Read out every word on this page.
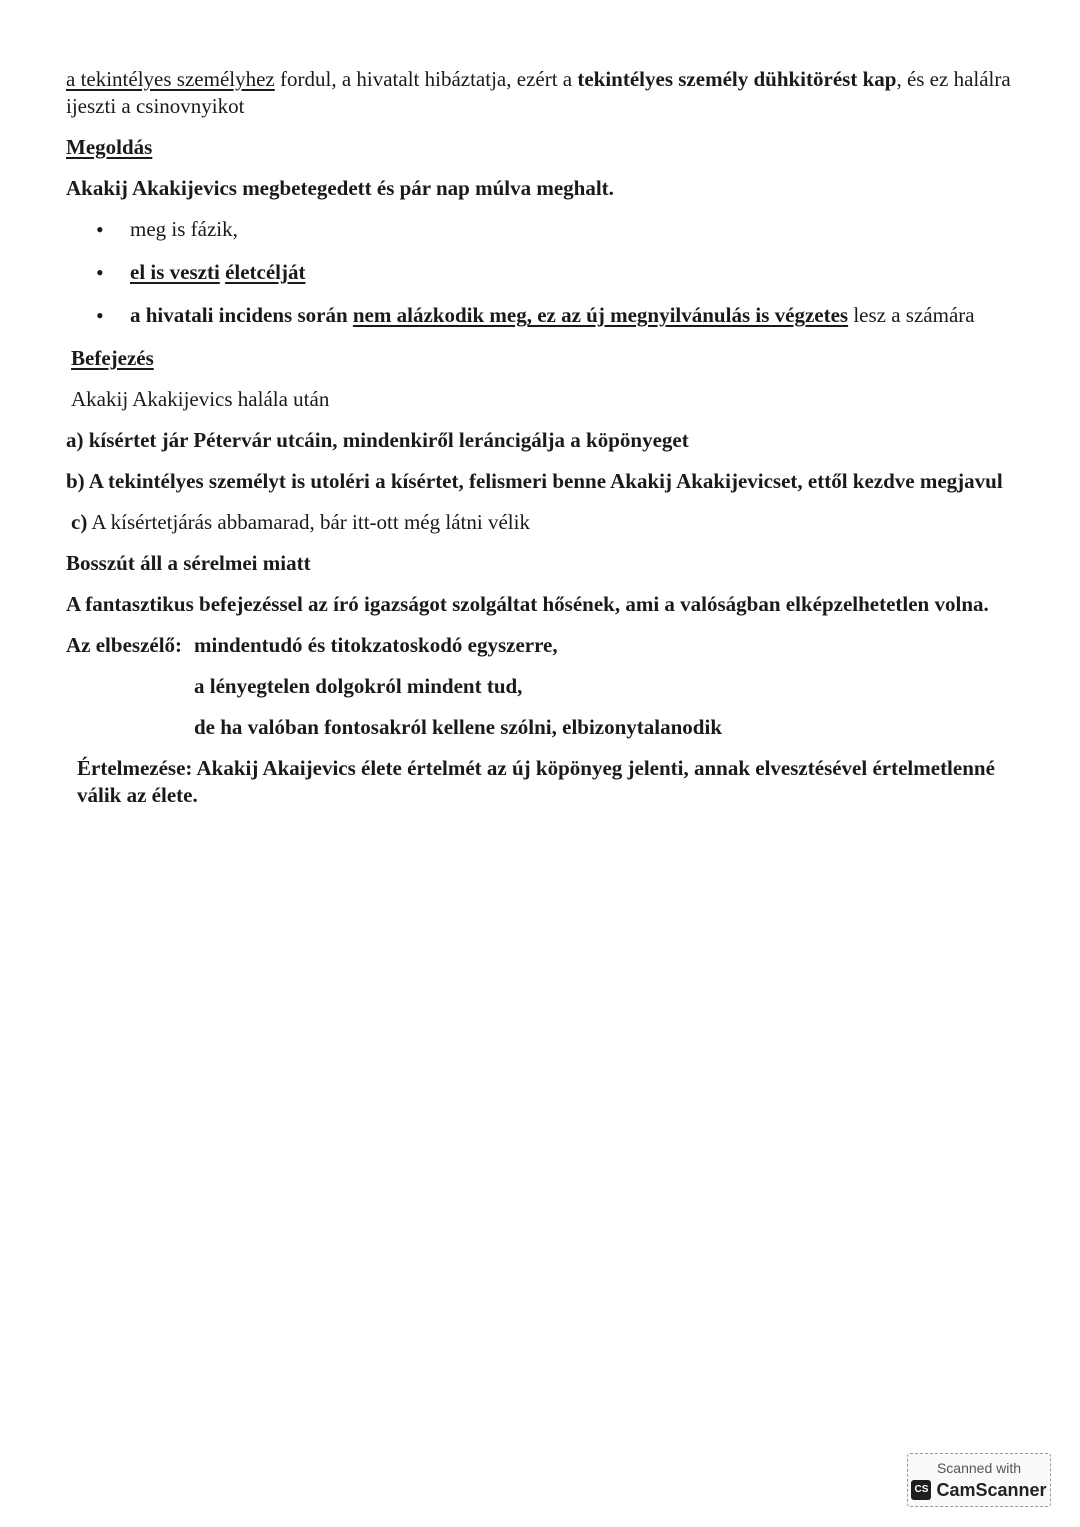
a tekintélyes személyhez fordul, a hivatalt hibáztatja, ezért a tekintélyes személy dühkitörést kap, és ez halálra ijeszti a csinovnyikot

Megoldás

Akakij Akakijevics megbetegedett és pár nap múlva meghalt.

• meg is fázik,
• el is veszti életcélját
• a hivatali incidens során nem alázkodik meg, ez az új megnyilvánulás is végzetes lesz a számára

Befejezés

Akakij Akakijevics halála után

a) kísértet jár Pétervár utcáin, mindenkiről leráncigálja a köpönyeget

b) A tekintélyes személyt is utoléri a kísértet, felismeri benne Akakij Akakijevicset, ettől kezdve megjavul

c) A kísértetjárás abbamarad, bár itt-ott még látni vélik

Bosszút áll a sérelmei miatt

A fantasztikus befejezéssel az író igazságot szolgáltat hősének, ami a valóságban elképzelhetetlen volna.

Az elbeszélő: mindentudó és titokzatoskodó egyszerre,
a lényegtelen dolgokról mindent tud,
de ha valóban fontosakról kellene szólni, elbizonytalanodik

Értelmezése: Akakij Akaijevics élete értelmét az új köpönyeg jelenti, annak elvesztésével értelmetlenné válik az élete.

Scanned with
CS CamScanner
